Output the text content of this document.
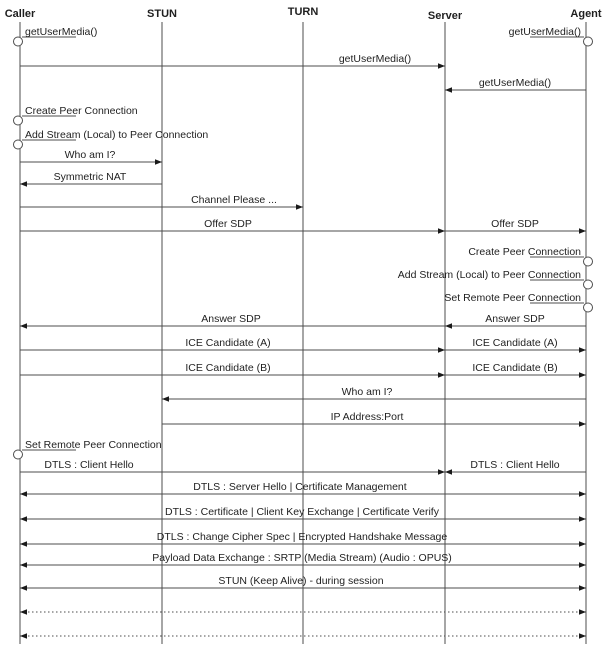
Caller	STUN	TURN	Server	Agent
getUserMedia()	getUserMedia()
getUserMedia()
getUserMedia()
Create Peer Connection
Add Stream (Local) to Peer Connection
Who am I?
Symmetric NAT
Channel Please ...
Offer SDP	Offer SDP
Create Peer Connection
Add Stream (Local) to Peer Connection
Set Remote Peer Connection
Answer SDP	Answer SDP
ICE Candidate (A)	ICE Candidate (A)
ICE Candidate (B)	ICE Candidate (B)
Who am I?
IP Address:Port
Set Remote Peer Connection
DTLS : Client Hello	DTLS : Client Hello
DTLS : Server Hello | Certificate Management
DTLS : Certificate | Client Key Exchange | Certificate Verify
DTLS : Change Cipher Spec | Encrypted Handshake Message
Payload Data Exchange : SRTP (Media Stream) (Audio : OPUS)
STUN (Keep Alive) - during session
